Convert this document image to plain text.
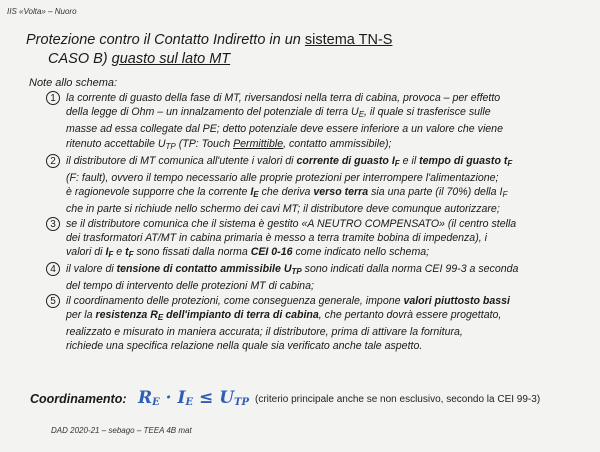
IIS «Volta» – Nuoro
Protezione contro il Contatto Indiretto in un sistema TN-S
CASO B) guasto sul lato MT
Note allo schema:
1 la corrente di guasto della fase di MT, riversandosi nella terra di cabina, provoca – per effetto

della legge di Ohm – un innalzamento del potenziale di terra $U_E$, il quale si trasferisce sulle

masse ad essa collegate dal PE; detto potenziale deve essere inferiore a un valore che viene

ritenuto accettabile $U_{TP}$ (TP: Touch Permittible, contatto ammissibile);

2 il distributore di MT comunica all'utente i valori di corrente di guasto $I_F$ e il tempo di guasto $t_F$

(F: fault), ovvero il tempo necessario alle proprie protezioni per interrompere l'alimentazione;

è ragionevole supporre che la corrente $I_E$ che deriva verso terra sia una parte (il 70%) della $I_F$

che in parte si richiude nello schermo dei cavi MT; il distributore deve comunque autorizzare;

3 se il distributore comunica che il sistema è gestito «A NEUTRO COMPENSATO» (il centro stella

dei trasformatori AT/MT in cabina primaria è messo a terra tramite bobina di impedenza), i

valori di $I_F$ e $t_F$ sono fissati dalla norma CEI 0-16 come indicato nello schema;

4 il valore di tensione di contatto ammissibile $U_{TP}$ sono indicati dalla norma CEI 99-3 a seconda

del tempo di intervento delle protezioni MT di cabina;

5 il coordinamento delle protezioni, come conseguenza generale, impone valori piuttosto bassi

per la resistenza $R_E$ dell'impianto di terra di cabina, che pertanto dovrà essere progettato,

realizzato e misurato in maniera accurata; il distributore, prima di attivare la fornitura,

richiede una specifica relazione nella quale sia verificato anche tale aspetto.

Coordinamento: $R_E \cdot I_E \le U_{TP}$ (criterio principale anche se non esclusivo, secondo la CEI 99-3)
DAD 2020-21 – sebago – TEEA 4B mat
